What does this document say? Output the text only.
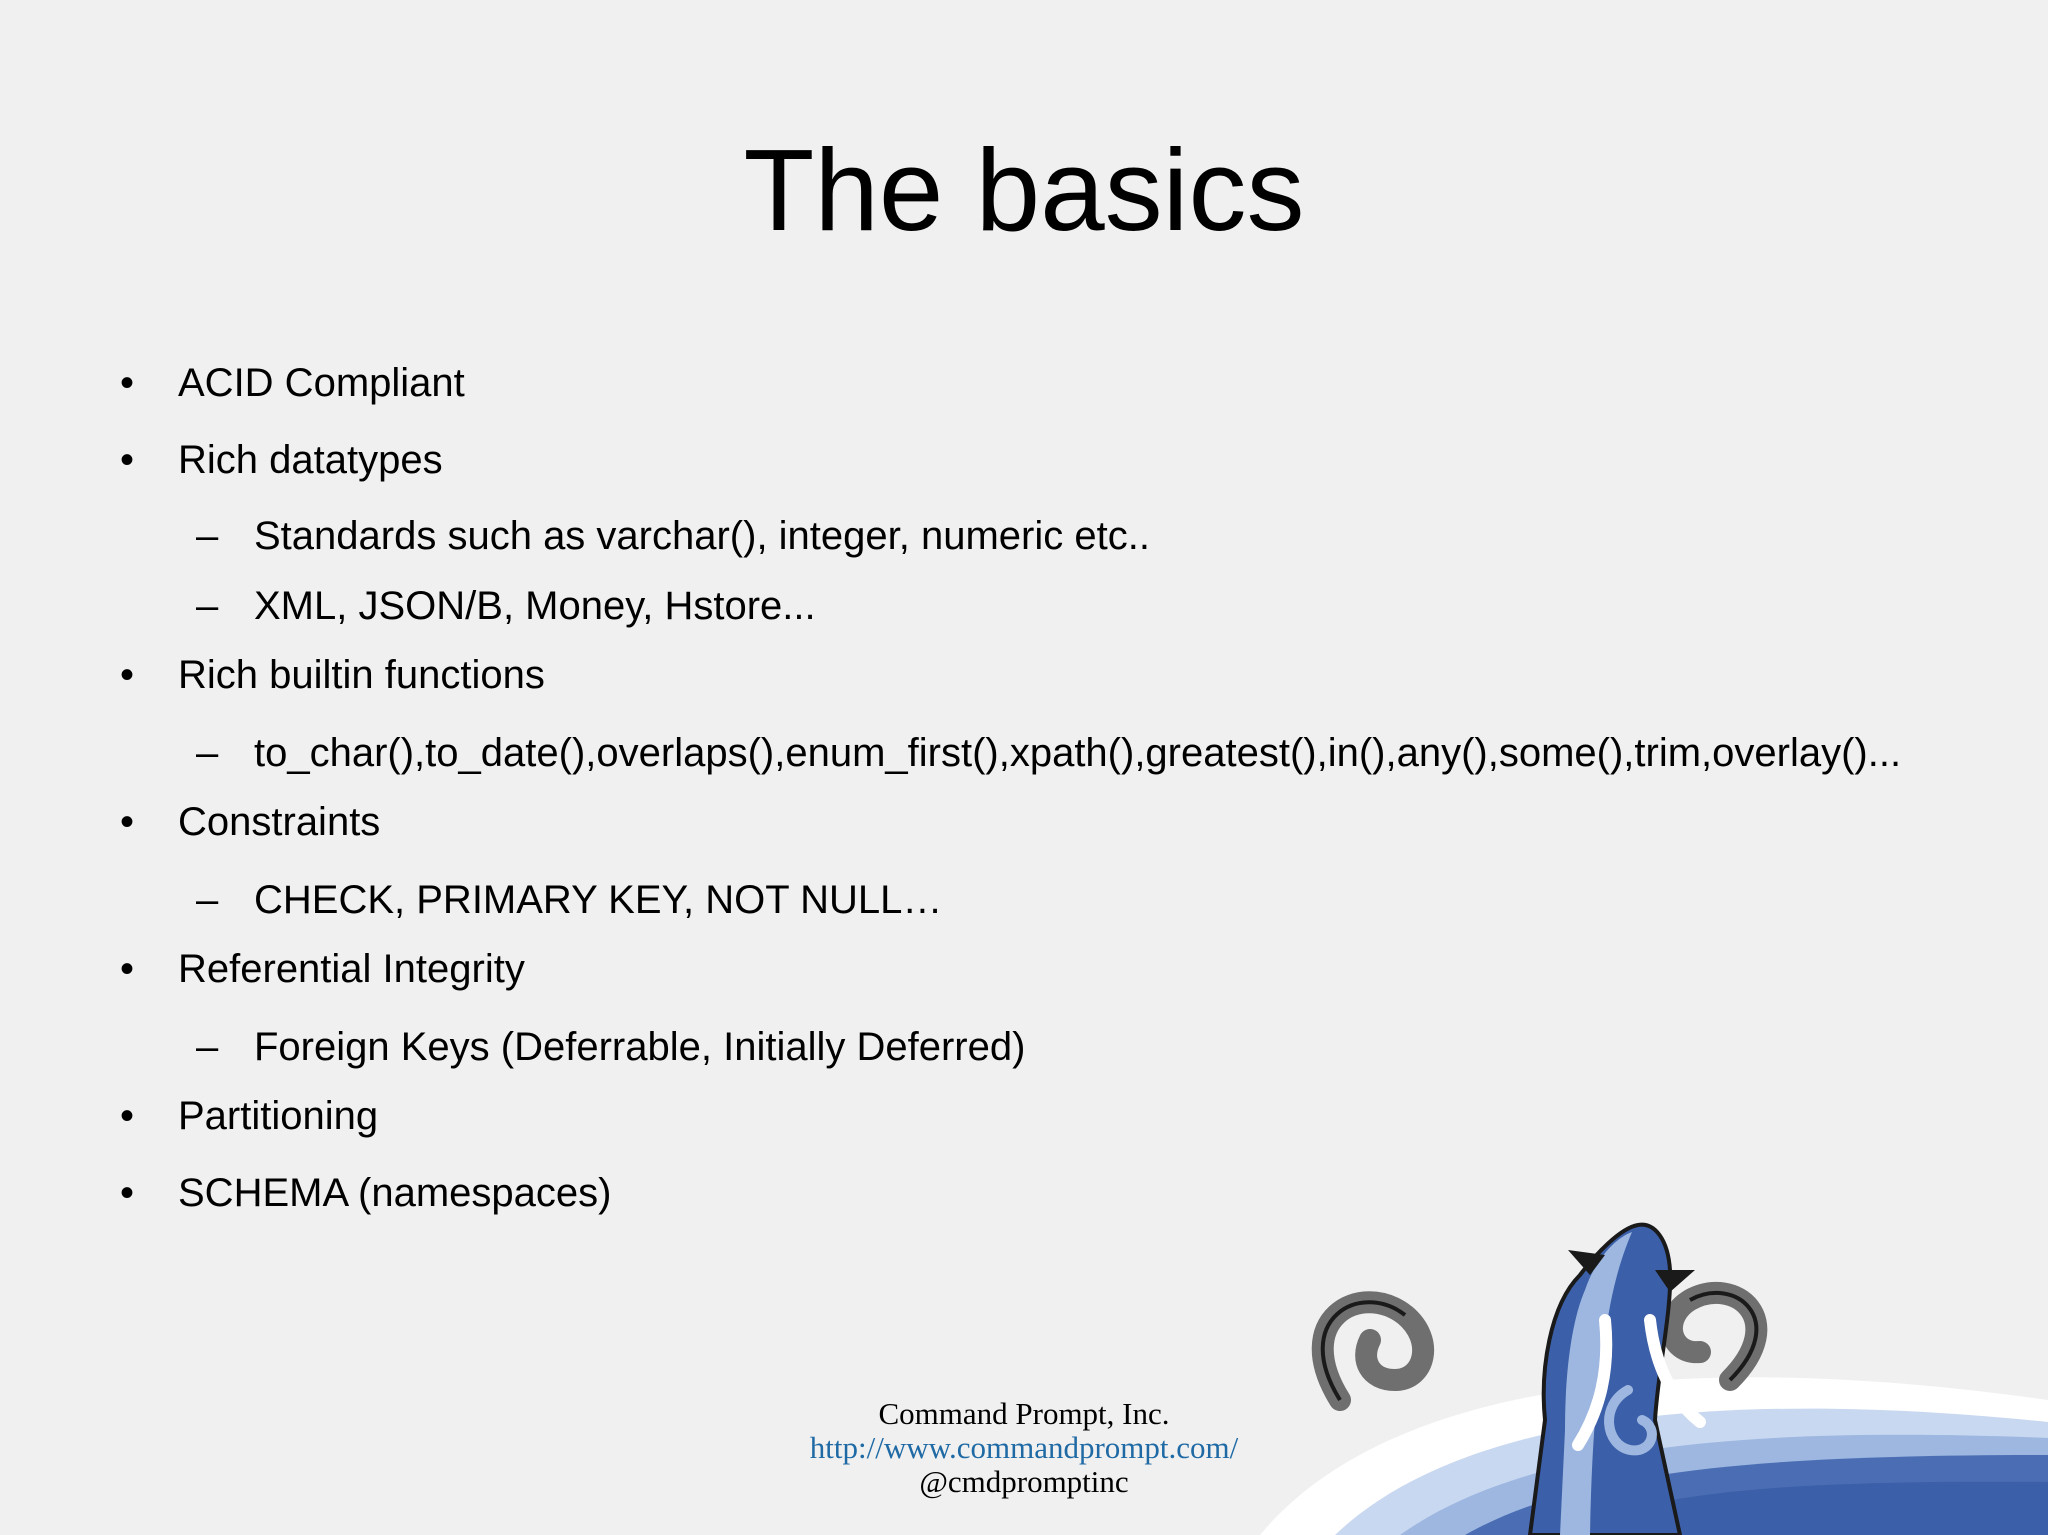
The basics
• ACID Compliant
• Rich datatypes
– Standards such as varchar(), integer, numeric etc..
– XML, JSON/B, Money, Hstore...
• Rich builtin functions
– to_char(),to_date(),overlaps(),enum_first(),xpath(),greatest(),in(),any(),some(),trim,overlay()...
• Constraints
– CHECK, PRIMARY KEY, NOT NULL…
• Referential Integrity
– Foreign Keys (Deferrable, Initially Deferred)
• Partitioning
• SCHEMA (namespaces)
Command Prompt, Inc.
http://www.commandprompt.com/
@cmdpromptinc
